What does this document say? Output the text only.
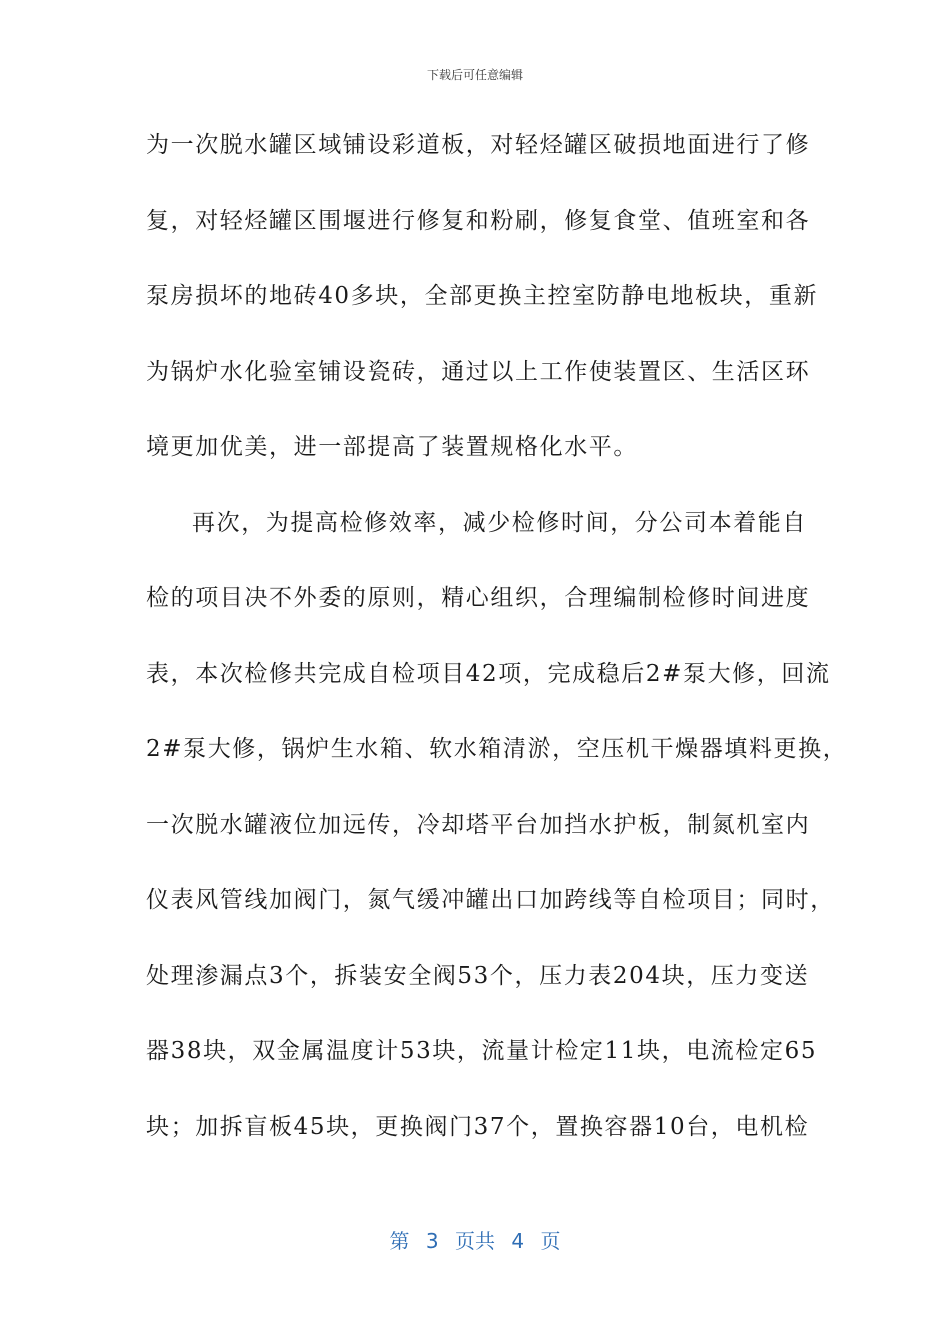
下载后可任意编辑
为一次脱水罐区域铺设彩道板，对轻烃罐区破损地面进行了修
复，对轻烃罐区围堰进行修复和粉刷，修复食堂、值班室和各
泵房损坏的地砖40多块，全部更换主控室防静电地板块，重新
为锅炉水化验室铺设瓷砖，通过以上工作使装置区、生活区环
境更加优美，进一部提高了装置规格化水平。
再次，为提高检修效率，减少检修时间，分公司本着能自
检的项目决不外委的原则，精心组织，合理编制检修时间进度
表，本次检修共完成自检项目42项，完成稳后2#泵大修，回流
2#泵大修，锅炉生水箱、软水箱清淤，空压机干燥器填料更换，
一次脱水罐液位加远传，冷却塔平台加挡水护板，制氮机室内
仪表风管线加阀门，氮气缓冲罐出口加跨线等自检项目；同时，
处理渗漏点3个，拆装安全阀53个，压力表204块，压力变送
器38块，双金属温度计53块，流量计检定11块，电流检定65
块；加拆盲板45块，更换阀门37个，置换容器10台，电机检
第 3 页共 4 页
